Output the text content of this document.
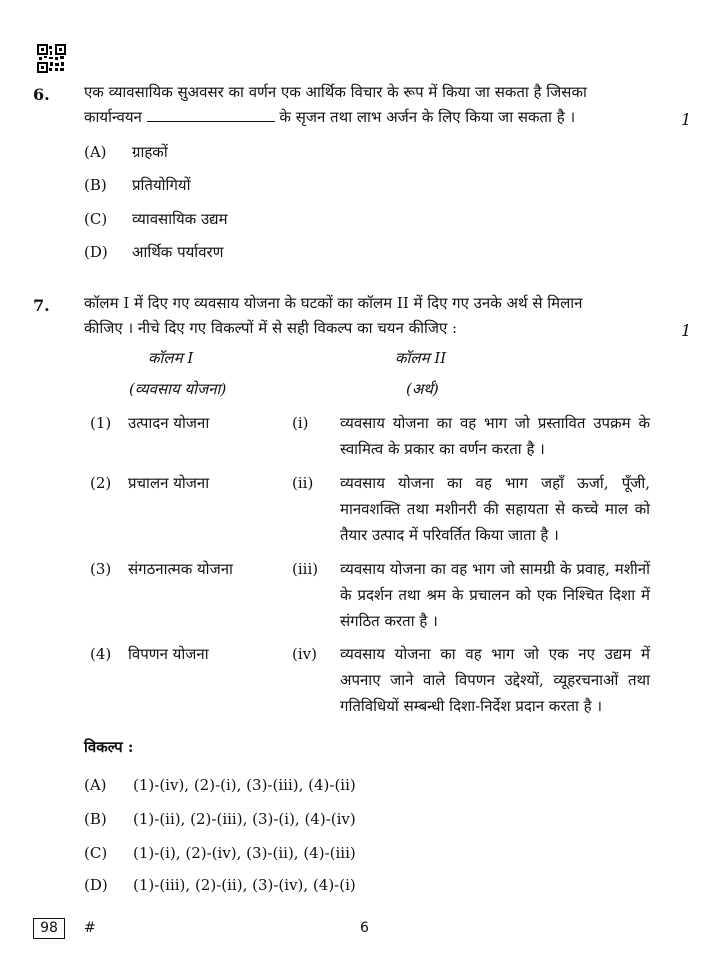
6. एक व्यावसायिक सुअवसर का वर्णन एक आर्थिक विचार के रूप में किया जा सकता है जिसका
कार्यान्वयन	के सृजन तथा लाभ अर्जन के लिए किया जा सकता है ।	1
(A)	ग्राहकों
(B)	प्रतियोगियों
(C)	व्यावसायिक उद्यम
(D)	आर्थिक पर्यावरण
7. कॉलम I में दिए गए व्यवसाय योजना के घटकों का कॉलम II में दिए गए उनके अर्थ से मिलान
कीजिए । नीचे दिए गए विकल्पों में से सही विकल्प का चयन कीजिए :	1
कॉलम I
(व्यवसाय योजना)
कॉलम II
(अर्थ)
(1) उत्पादन योजना	(i) व्यवसाय योजना का वह भाग जो प्रस्तावित उपक्रम के स्वामित्व के प्रकार का वर्णन करता है ।
(2) प्रचालन योजना	(ii) व्यवसाय योजना का वह भाग जहाँ ऊर्जा, पूँजी, मानवशक्ति तथा मशीनरी की सहायता से कच्चे माल को तैयार उत्पाद में परिवर्तित किया जाता है ।
(3) संगठनात्मक योजना	(iii) व्यवसाय योजना का वह भाग जो सामग्री के प्रवाह, मशीनों के प्रदर्शन तथा श्रम के प्रचालन को एक निश्चित दिशा में संगठित करता है ।
(4) विपणन योजना	(iv) व्यवसाय योजना का वह भाग जो एक नए उद्यम में अपनाए जाने वाले विपणन उद्देश्यों, व्यूहरचनाओं तथा गतिविधियों सम्बन्धी दिशा-निर्देश प्रदान करता है ।
विकल्प :
(A)	(1)-(iv), (2)-(i), (3)-(iii), (4)-(ii)
(B)	(1)-(ii), (2)-(iii), (3)-(i), (4)-(iv)
(C)	(1)-(i), (2)-(iv), (3)-(ii), (4)-(iii)
(D)	(1)-(iii), (2)-(ii), (3)-(iv), (4)-(i)
98	#	6
